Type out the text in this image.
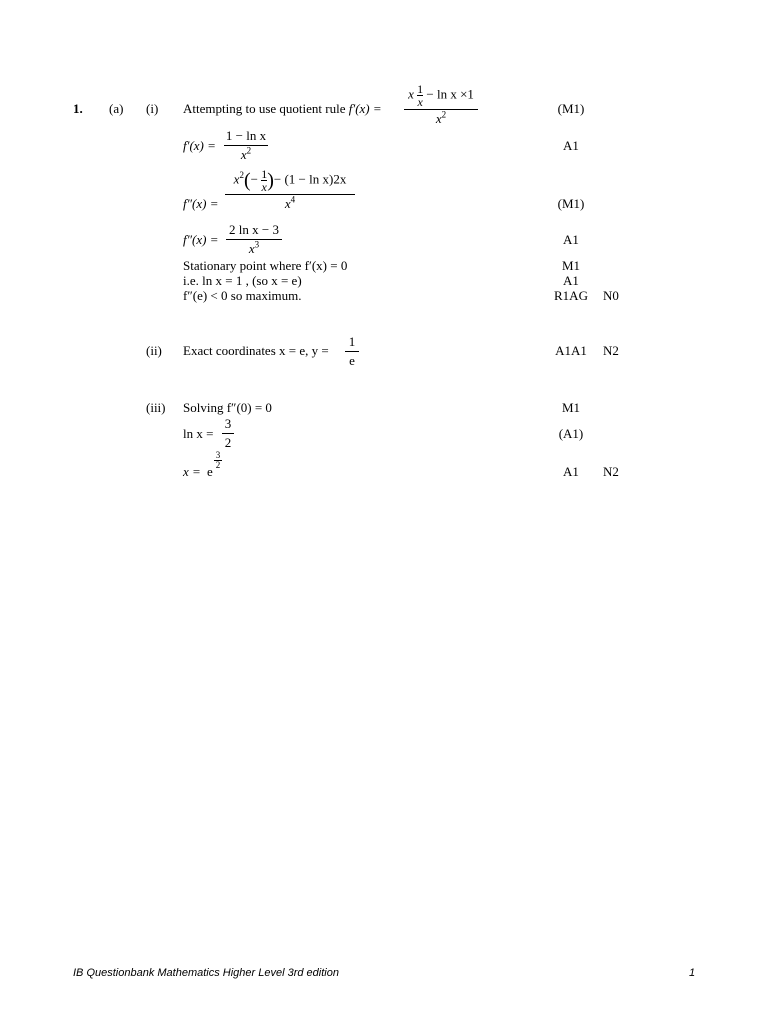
1. (a) (i) Attempting to use quotient rule f′(x) =
x $\frac{1}{x} - \ln x \times 1$
$x^2$	(M1)
f′(x) =
1 − ln x
$x^2$	A1
f″(x) =
$x^2(- \frac{1}{x}$ )− (1 − ln x)2x
$x^4$	(M1)
f″(x) =
2 ln x − 3
$x^3$	A1
Stationary point where f′(x) = 0	M1
i.e. ln x = 1 , (so x = e)	A1
f″(e) < 0 so maximum.	R1AG	N0
(ii) Exact coordinates x = e, y =
1
e
A1A1	N2
(iii) Solving f″(0) = 0	M1
ln x =
3
2
(A1)
x = e
3
2	A1	N2
IB Questionbank Mathematics Higher Level 3rd edition	1
